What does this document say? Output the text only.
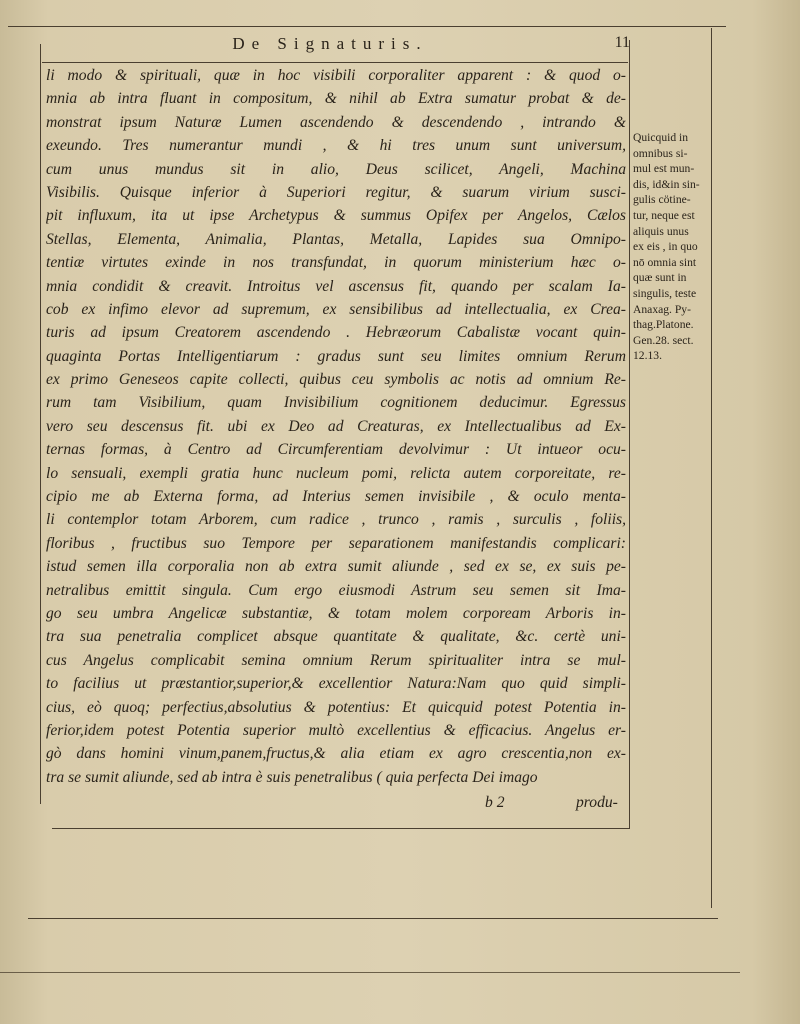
De Signaturis.	11
li modo & spirituali, quæ in hoc visibili corporaliter apparent : & quod o-
mnia ab intra fluant in compositum, & nihil ab Extra sumatur probat & de-
monstrat ipsum Naturæ Lumen ascendendo & descendendo , intrando &
exeundo. Tres numerantur mundi , & hi tres unum sunt universum,
cum unus mundus sit in alio, Deus scilicet, Angeli, Machina
Visibilis. Quisque inferior à Superiori regitur, & suarum virium susci-
pit influxum, ita ut ipse Archetypus & summus Opifex per Angelos, Cælos
Stellas, Elementa, Animalia, Plantas, Metalla, Lapides sua Omnipo-
tentiæ virtutes exinde in nos transfundat, in quorum ministerium hæc o-
mnia condidit & creavit. Introitus vel ascensus fit, quando per scalam Ia-
cob ex infimo elevor ad supremum, ex sensibilibus ad intellectualia, ex Crea-
turis ad ipsum Creatorem ascendendo . Hebræorum Cabalistæ vocant quin-
quaginta Portas Intelligentiarum : gradus sunt seu limites omnium Rerum
ex primo Geneseos capite collecti, quibus ceu symbolis ac notis ad omnium Re-
rum tam Visibilium, quam Invisibilium cognitionem deducimur. Egressus
vero seu descensus fit. ubi ex Deo ad Creaturas, ex Intellectualibus ad Ex-
ternas formas, à Centro ad Circumferentiam devolvimur : Ut intueor ocu-
lo sensuali, exempli gratia hunc nucleum pomi, relicta autem corporeitate, re-
cipio me ab Externa forma, ad Interius semen invisibile , & oculo menta-
li contemplor totam Arborem, cum radice , trunco , ramis , surculis , foliis,
floribus , fructibus suo Tempore per separationem manifestandis complicari:
istud semen illa corporalia non ab extra sumit aliunde , sed ex se, ex suis pe-
netralibus emittit singula. Cum ergo eiusmodi Astrum seu semen sit Ima-
go seu umbra Angelicæ substantiæ, & totam molem corpoream Arboris in-
tra sua penetralia complicet absque quantitate & qualitate, &c. certè uni-
cus Angelus complicabit semina omnium Rerum spiritualiter intra se mul-
to facilius ut præstantior,superior,& excellentior Natura:Nam quo quid simpli-
cius, eò quoq; perfectius,absolutius & potentius: Et quicquid potest Potentia in-
ferior,idem potest Potentia superior multò excellentius & efficacius. Angelus er-
gò dans homini vinum,panem,fructus,& alia etiam ex agro crescentia,non ex-
tra se sumit aliunde, sed ab intra è suis penetralibus ( quia perfecta Dei imago
Quicquid in
omnibus si-
mul est mun-
dis, id&in sin-
gulis cötine-
tur, neque est
aliquis unus
ex eis , in quo
nō omnia sint
quæ sunt in
singulis, teste
Anaxag. Py-
thag.Platone.
Gen.28. sect.
12.13.
b 2	produ-
